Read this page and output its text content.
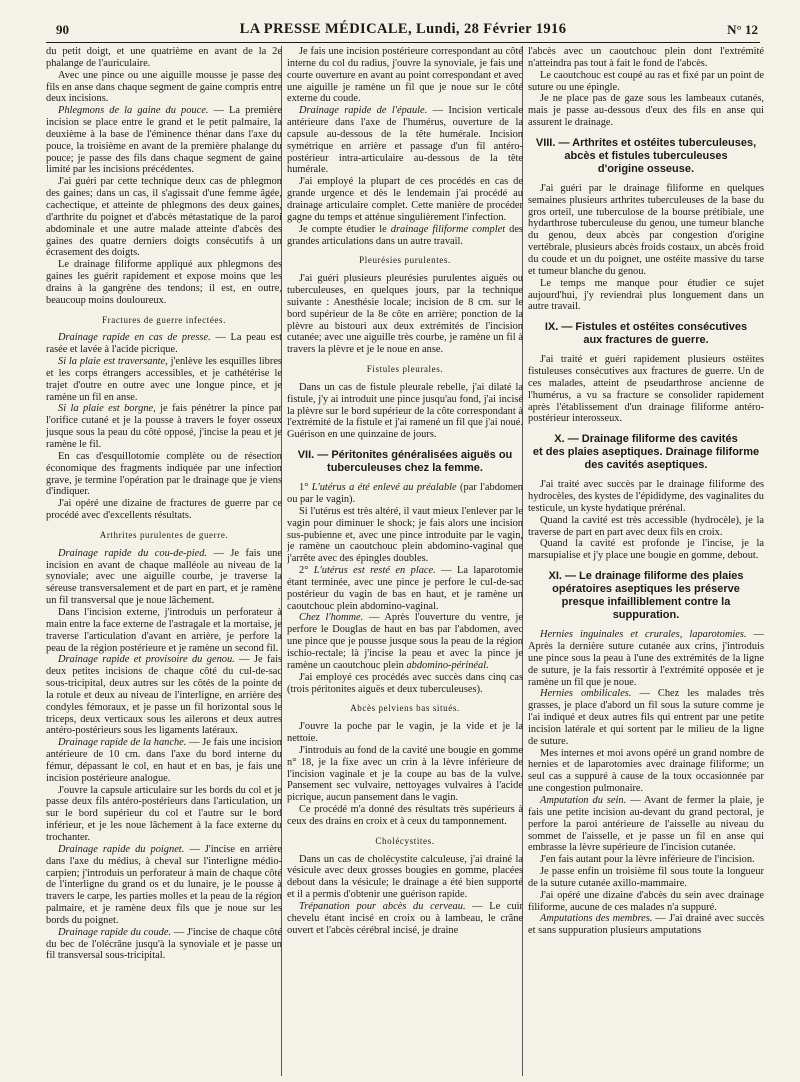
90	LA PRESSE MÉDICALE, Lundi, 28 Février 1916	N° 12

du petit doigt, et une quatrième en avant de la 2e phalange de l'auriculaire.

Avec une pince ou une aiguille mousse je passe des fils en anse dans chaque segment de gaine compris entre deux incisions.

Phlegmons de la gaine du pouce. — La première incision se place entre le grand et le petit palmaire, la deuxième à la base de l'éminence thénar dans l'axe du pouce, la troisième en avant de la première phalange du pouce; je passe des fils dans chaque segment de gaine limité par les incisions précédentes.

J'ai guéri par cette technique deux cas de phlegmon des gaines; dans un cas, il s'agissait d'une femme âgée, cachectique, et atteinte de phlegmons des deux gaines, d'arthrite du poignet et d'abcès métastatique de la paroi abdominale et une autre malade atteinte d'abcès des gaines des quatre derniers doigts consécutifs à un écrasement des doigts.

Le drainage filiforme appliqué aux phlegmons des gaines les guérit rapidement et expose moins que les drains à la gangrène des tendons; il est, en outre, beaucoup moins douloureux.

Fractures de guerre infectées.

Drainage rapide en cas de presse. — La peau est rasée et lavée à l'acide picrique.

Si la plaie est traversante, j'enlève les esquilles libres et les corps étrangers accessibles, et je cathétérise le trajet d'outre en outre avec une longue pince, et je ramène un fil en anse.

Si la plaie est borgne, je fais pénétrer la pince par l'orifice cutané et je la pousse à travers le foyer osseux jusque sous la peau du côté opposé, j'incise la peau et je ramène le fil.

En cas d'esquillotomie complète ou de résection économique des fragments indiquée par une infection grave, je termine l'opération par le drainage que je viens d'indiquer.

J'ai opéré une dizaine de fractures de guerre par ce procédé avec d'excellents résultats.

Arthrites purulentes de guerre.

Drainage rapide du cou-de-pied. — Je fais une incision en avant de chaque malléole au niveau de la synoviale; avec une aiguille courbe, je traverse la séreuse transversalement et de part en part, et je ramène un fil transversal que je noue lâchement.

Dans l'incision externe, j'introduis un perforateur à main entre la face externe de l'astragale et la mortaise, je traverse l'articulation d'avant en arrière, je perfore la peau de la région postérieure et je ramène un second fil.

Drainage rapide et provisoire du genou. — Je fais deux petites incisions de chaque côté du cul-de-sac sous-tricipital, deux autres sur les côtés de la pointe de la rotule et deux au niveau de l'interligne, en arrière des condyles fémoraux, et je passe un fil horizontal sous le triceps, deux verticaux sous les ailerons et deux autres antéro-postérieurs sous les ligaments latéraux.

Drainage rapide de la hanche. — Je fais une incision antérieure de 10 cm. dans l'axe du bord interne du fémur, dépassant le col, en haut et en bas, je fais une incision postérieure analogue.

J'ouvre la capsule articulaire sur les bords du col et je passe deux fils antéro-postérieurs dans l'articulation, un sur le bord supérieur du col et l'autre sur le bord inférieur, et je les noue lâchement à la face externe du trochanter.

Drainage rapide du poignet. — J'incise en arrière dans l'axe du médius, à cheval sur l'interligne médio-carpien; j'introduis un perforateur à main de chaque côté de l'interligne du grand os et du lunaire, je le pousse à travers le carpe, les parties molles et la peau de la région palmaire, et je ramène deux fils que je noue sur les bords du poignet.

Drainage rapide du coude. — J'incise de chaque côté du bec de l'olécrâne jusqu'à la synoviale et je passe un fil transversal sous-tricipital.

Je fais une incision postérieure correspondant au côté interne du col du radius, j'ouvre la synoviale, je fais une courte ouverture en avant au point correspondant et avec une aiguille je ramène un fil que je noue sur le côté externe du coude.

Drainage rapide de l'épaule. — Incision verticale antérieure dans l'axe de l'humérus, ouverture de la capsule au-dessous de la tête humérale. Incision symétrique en arrière et passage d'un fil antéro-postérieur intra-articulaire au-dessous de la tête humérale.

J'ai employé la plupart de ces procédés en cas de grande urgence et dès le lendemain j'ai procédé au drainage articulaire complet. Cette manière de procéder gagne du temps et atténue singulièrement l'infection.

Je compte étudier le drainage filiforme complet des grandes articulations dans un autre travail.

Pleurésies purulentes.

J'ai guéri plusieurs pleurésies purulentes aiguës ou tuberculeuses, en quelques jours, par la technique suivante : Anesthésie locale; incision de 8 cm. sur le bord supérieur de la 8e côte en arrière; ponction de la plèvre au bistouri aux deux extrémités de l'incision cutanée; avec une aiguille très courbe, je ramène un fil à travers la plèvre et je le noue en anse.

Fistules pleurales.

Dans un cas de fistule pleurale rebelle, j'ai dilaté la fistule, j'y ai introduit une pince jusqu'au fond, j'ai incisé la plèvre sur le bord supérieur de la côte correspondant à l'extrémité de la fistule et j'ai ramené un fil que j'ai noué. Guérison en une quinzaine de jours.

VII. — Péritonites généralisées aiguës ou
tuberculeuses chez la femme.

1° L'utérus a été enlevé au préalable (par l'abdomen ou par le vagin).

Si l'utérus est très altéré, il vaut mieux l'enlever par le vagin pour diminuer le shock; je fais alors une incision sus-pubienne et, avec une pince introduite par le vagin, je ramène un caoutchouc plein abdomino-vaginal que j'arrête avec des épingles doubles.

2° L'utérus est resté en place. — La laparotomie étant terminée, avec une pince je perfore le cul-de-sac postérieur du vagin de bas en haut, et je ramène un caoutchouc plein abdomino-vaginal.

Chez l'homme. — Après l'ouverture du ventre, je perfore le Douglas de haut en bas par l'abdomen, avec une pince que je pousse jusque sous la peau de la région ischio-rectale; là j'incise la peau et avec la pince je ramène un caoutchouc plein abdomino-périnéal.

J'ai employé ces procédés avec succès dans cinq cas (trois péritonites aiguës et deux tuberculeuses).

Abcès pelviens bas situés.

J'ouvre la poche par le vagin, je la vide et je la nettoie.

J'introduis au fond de la cavité une bougie en gomme n° 18, je la fixe avec un crin à la lèvre inférieure de l'incision vaginale et je la coupe au bas de la vulve. Pansement sec vulvaire, nettoyages vulvaires à l'acide picrique, aucun pansement dans le vagin.

Ce procédé m'a donné des résultats très supérieurs à ceux des drains en croix et à ceux du tamponnement.

Cholécystites.

Dans un cas de cholécystite calculeuse, j'ai drainé la vésicule avec deux grosses bougies en gomme, placées debout dans la vésicule; le drainage a été bien supporté et il a permis d'obtenir une guérison rapide.

Trépanation pour abcès du cerveau. — Le cuir chevelu étant incisé en croix ou à lambeau, le crâne ouvert et l'abcès cérébral incisé, je draine

l'abcès avec un caoutchouc plein dont l'extrémité n'atteindra pas tout à fait le fond de l'abcès.

Le caoutchouc est coupé au ras et fixé par un point de suture ou une épingle.

Je ne place pas de gaze sous les lambeaux cutanés, mais je passe au-dessous d'eux des fils en anse qui assurent le drainage.

VIII. — Arthrites et ostéites tuberculeuses,
abcès et fistules tuberculeuses
d'origine osseuse.

J'ai guéri par le drainage filiforme en quelques semaines plusieurs arthrites tuberculeuses de la base du gros orteil, une tuberculose de la bourse prétibiale, une hydarthrose tuberculeuse du genou, une tumeur blanche du genou, deux abcès par congestion d'origine vertébrale, plusieurs abcès froids costaux, un abcès froid du coude et un du poignet, une ostéite massive du tarse et tumeur blanche du genou.

Le temps me manque pour étudier ce sujet aujourd'hui, j'y reviendrai plus longuement dans un autre travail.

IX. — Fistules et ostéites consécutives
aux fractures de guerre.

J'ai traité et guéri rapidement plusieurs ostéites fistuleuses consécutives aux fractures de guerre. Un de ces malades, atteint de pseudarthrose ancienne de l'humérus, a vu sa fracture se consolider rapidement après l'établissement d'un drainage filiforme antéro-postérieur interosseux.

X. — Drainage filiforme des cavités
et des plaies aseptiques. Drainage filiforme
des cavités aseptiques.

J'ai traité avec succès par le drainage filiforme des hydrocèles, des kystes de l'épididyme, des vaginalites du testicule, un kyste hydatique prérénal.

Quand la cavité est très accessible (hydrocèle), je la traverse de part en part avec deux fils en croix.

Quand la cavité est profonde je l'incise, je la marsupialise et j'y place une bougie en gomme, debout.

XI. — Le drainage filiforme des plaies
opératoires aseptiques les préserve
presque infailliblement contre la suppuration.

Hernies inguinales et crurales, laparotomies. — Après la dernière suture cutanée aux crins, j'introduis une pince sous la peau à l'une des extrémités de la ligne de suture, je la fais ressortir à l'extrémité opposée et je ramène un fil que je noue.

Hernies ombilicales. — Chez les malades très grasses, je place d'abord un fil sous la suture comme je l'ai indiqué et deux autres fils qui entrent par une petite incision latérale et qui sortent par le milieu de la ligne de suture.

Mes internes et moi avons opéré un grand nombre de hernies et de laparotomies avec drainage filiforme; un seul cas a suppuré à cause de la toux occasionnée par une congestion pulmonaire.

Amputation du sein. — Avant de fermer la plaie, je fais une petite incision au-devant du grand pectoral, je perfore la paroi antérieure de l'aisselle au niveau du sommet de l'aisselle, et je passe un fil en anse qui embrasse la lèvre supérieure de l'incision cutanée.

J'en fais autant pour la lèvre inférieure de l'incision.

Je passe enfin un troisième fil sous toute la longueur de la suture cutanée axillo-mammaire.

J'ai opéré une dizaine d'abcès du sein avec drainage filiforme, aucune de ces malades n'a suppuré.

Amputations des membres. — J'ai drainé avec succès et sans suppuration plusieurs amputations
